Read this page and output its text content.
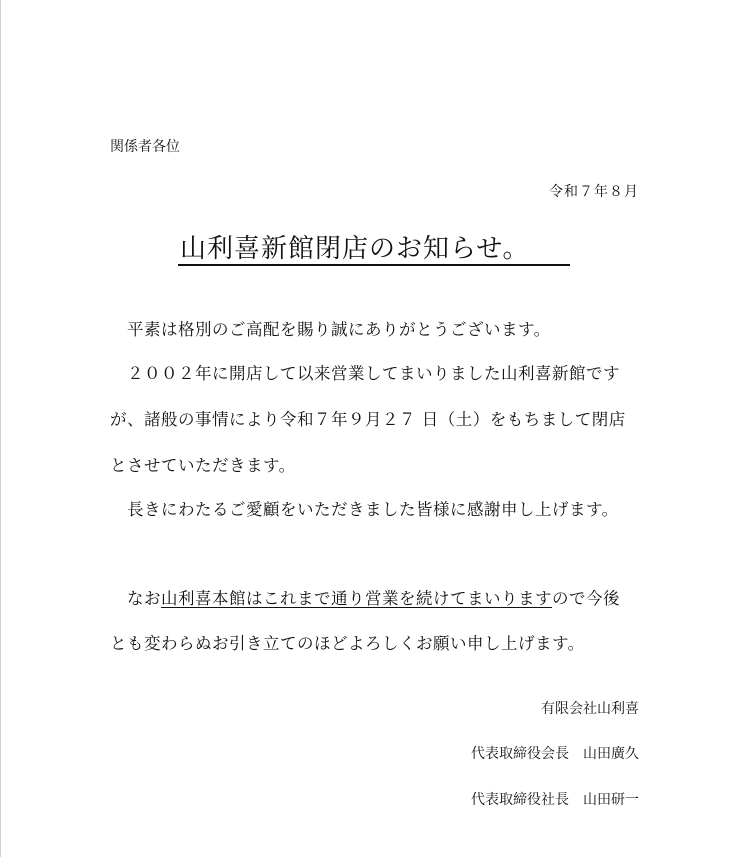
関係者各位
令和７年８月
山利喜新館閉店のお知らせ。
　平素は格別のご高配を賜り誠にありがとうございます。
　２００２年に開店して以来営業してまいりました山利喜新館です
が、諸般の事情により令和７年９月２７ 日（土）をもちまして閉店
とさせていただきます。
　長きにわたるご愛顧をいただきました皆様に感謝申し上げます。
　なお山利喜本館はこれまで通り営業を続けてまいりますので今後
とも変わらぬお引き立てのほどよろしくお願い申し上げます。
有限会社山利喜
代表取締役会長　山田廣久
代表取締役社長　山田研一
